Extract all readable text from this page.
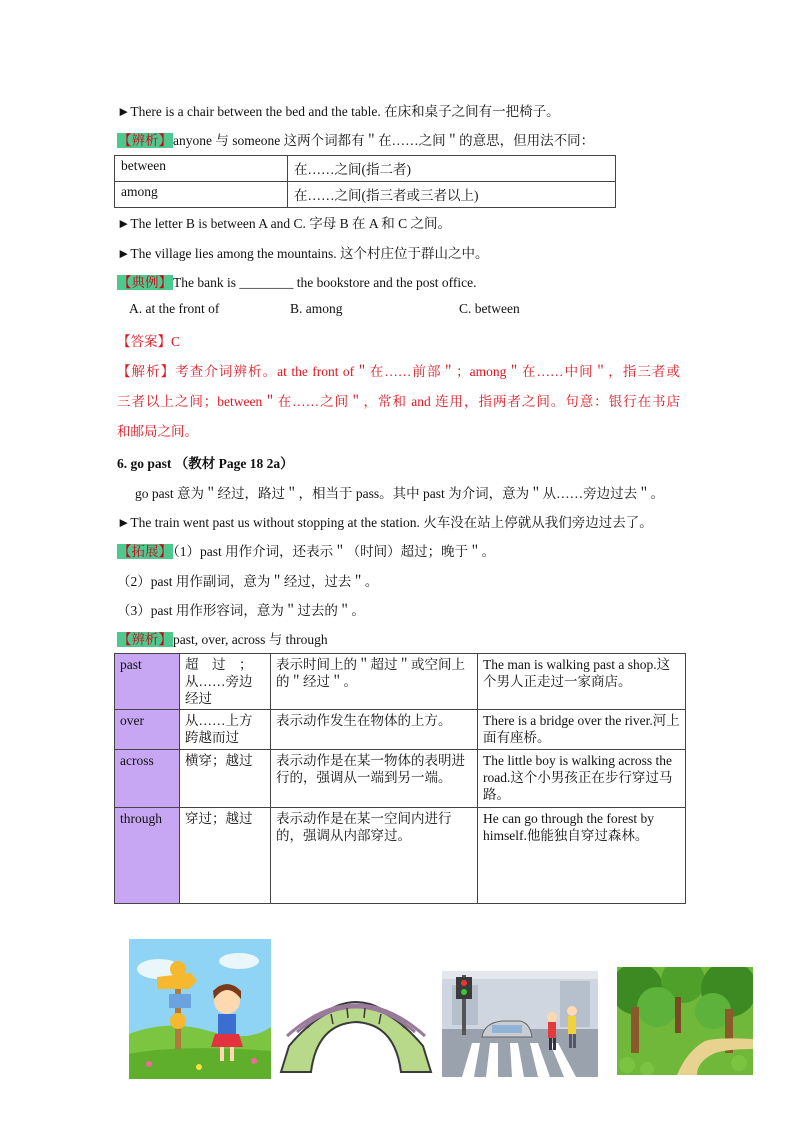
►There is a chair between the bed and the table. 在床和桌子之间有一把椅子。
【辨析】anyone 与 someone 这两个词都有＂在……之间＂的意思，但用法不同：
between	在……之间(指二者)
among	在……之间(指三者或三者以上)
►The letter B is between A and C. 字母 B 在 A 和 C 之间。
►The village lies among the mountains. 这个村庄位于群山之中。
【典例】The bank is ________ the bookstore and the post office.
A. at the front of	B. among	C. between
【答案】C
【解析】考查介词辨析。at the front of＂在……前部＂；among＂在……中间＂，指三者或
三者以上之间；between＂在……之间＂，常和 and 连用，指两者之间。句意：银行在书店
和邮局之间。
6. go past （教材 Page 18 2a）
go past 意为＂经过，路过＂，相当于 pass。其中 past 为介词，意为＂从……旁边过去＂。
►The train went past us without stopping at the station. 火车没在站上停就从我们旁边过去了。
【拓展】（1）past 用作介词，还表示＂（时间）超过；晚于＂。
（2）past 用作副词，意为＂经过，过去＂。
（3）past 用作形容词，意为＂过去的＂。
【辨析】past, over, across 与 through
past	超　过　；从……旁边经过	表示时间上的＂超过＂或空间上的＂经过＂。	The man is walking past a shop.这个男人正走过一家商店。
over	从……上方跨越而过	表示动作发生在物体的上方。	There is a bridge over the river.河上面有座桥。
across	横穿；越过	表示动作是在某一物体的表明进行的，强调从一端到另一端。	The little boy is walking across the road.这个小男孩正在步行穿过马路。
through	穿过；越过	表示动作是在某一空间内进行的，强调从内部穿过。	He can go through the forest by himself.他能独自穿过森林。
